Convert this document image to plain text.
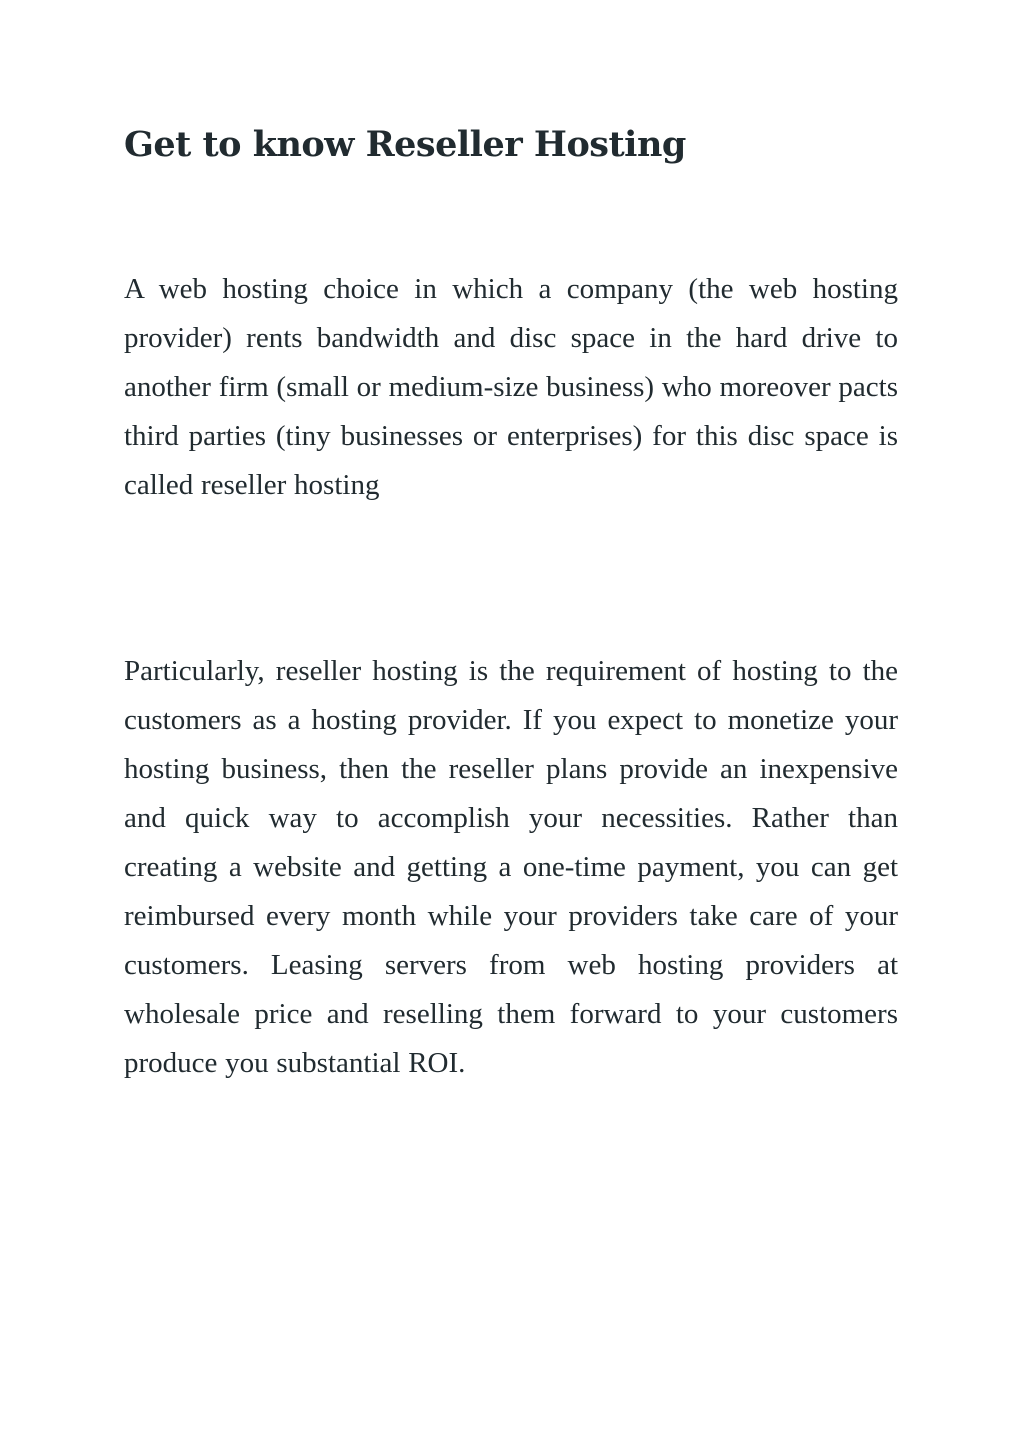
Get to know Reseller Hosting

A web hosting choice in which a company (the web hosting provider) rents bandwidth and disc space in the hard drive to another firm (small or medium-size business) who moreover pacts third parties (tiny businesses or enterprises) for this disc space is called reseller hosting

Particularly, reseller hosting is the requirement of hosting to the customers as a hosting provider. If you expect to monetize your hosting business, then the reseller plans provide an inexpensive and quick way to accomplish your necessities. Rather than creating a website and getting a one-time payment, you can get reimbursed every month while your providers take care of your customers. Leasing servers from web hosting providers at wholesale price and reselling them forward to your customers produce you substantial ROI.
